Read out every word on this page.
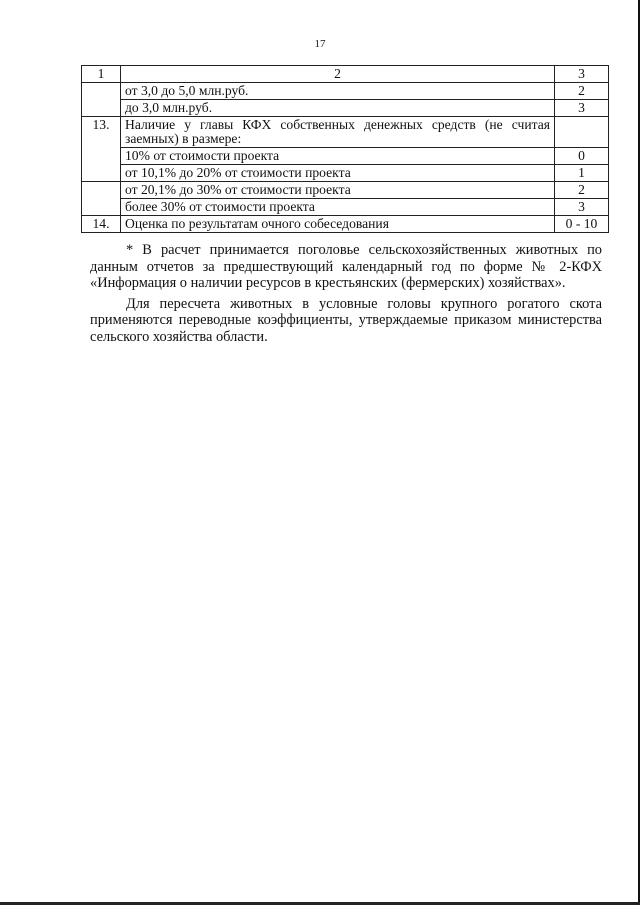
17
1	2	3
	от 3,0 до 5,0 млн.руб.	2
	до 3,0 млн.руб.	3
13.	Наличие у главы КФХ собственных денежных средств (не считая заемных) в размере:	
	10% от стоимости проекта	0
	от 10,1% до 20% от стоимости проекта	1
	от 20,1% до 30% от стоимости проекта	2
	более 30% от стоимости проекта	3
14.	Оценка по результатам очного собеседования	0 - 10

* В расчет принимается поголовье сельскохозяйственных животных по данным отчетов за предшествующий календарный год по форме № 2-КФХ «Информация о наличии ресурсов в крестьянских (фермерских) хозяйствах».

Для пересчета животных в условные головы крупного рогатого скота применяются переводные коэффициенты, утверждаемые приказом министерства сельского хозяйства области.
